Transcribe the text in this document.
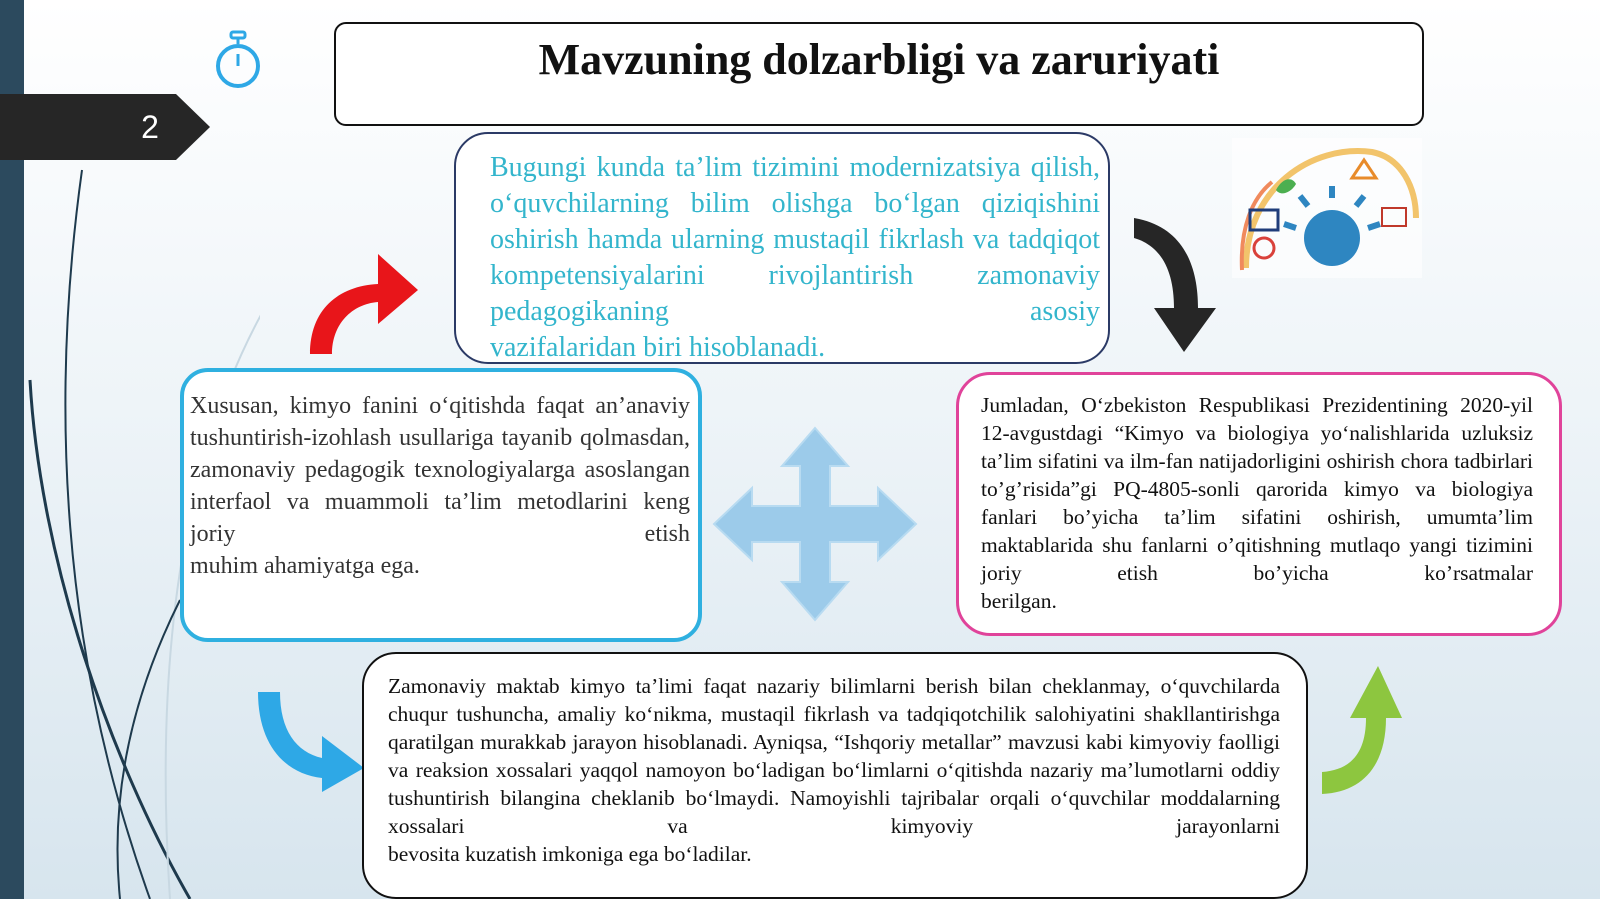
2
Mavzuning dolzarbligi va zaruriyati

Bugungi kunda ta’lim tizimini modernizatsiya qilish, o‘quvchilarning bilim olishga bo‘lgan qiziqishini oshirish hamda ularning mustaqil fikrlash va tadqiqot kompetensiyalarini rivojlantirish zamonaviy pedagogikaning asosiy

vazifalaridan biri hisoblanadi.

Xususan, kimyo fanini o‘qitishda faqat an’anaviy tushuntirish-izohlash usullariga tayanib qolmasdan, zamonaviy pedagogik texnologiyalarga asoslangan interfaol va muammoli ta’lim metodlarini keng joriy etish

muhim ahamiyatga ega.

Jumladan, O‘zbekiston Respublikasi Prezidentining 2020-yil 12-avgustdagi “Kimyo va biologiya yo‘nalishlarida uzluksiz ta’lim sifatini va ilm-fan natijadorligini oshirish chora tadbirlari to’g’risida”gi PQ-4805-sonli qarorida kimyo va biologiya fanlari bo’yicha ta’lim sifatini oshirish, umumta’lim maktablarida shu fanlarni o’qitishning mutlaqo yangi tizimini joriy etish bo’yicha ko’rsatmalar

berilgan.

Zamonaviy maktab kimyo ta’limi faqat nazariy bilimlarni berish bilan cheklanmay, o‘quvchilarda chuqur tushuncha, amaliy ko‘nikma, mustaqil fikrlash va tadqiqotchilik salohiyatini shakllantirishga qaratilgan murakkab jarayon hisoblanadi. Ayniqsa, “Ishqoriy metallar” mavzusi kabi kimyoviy faolligi va reaksion xossalari yaqqol namoyon bo‘ladigan bo‘limlarni o‘qitishda nazariy ma’lumotlarni oddiy tushuntirish bilangina cheklanib bo‘lmaydi. Namoyishli tajribalar orqali o‘quvchilar moddalarning xossalari va kimyoviy jarayonlarni

bevosita kuzatish imkoniga ega bo‘ladilar.
